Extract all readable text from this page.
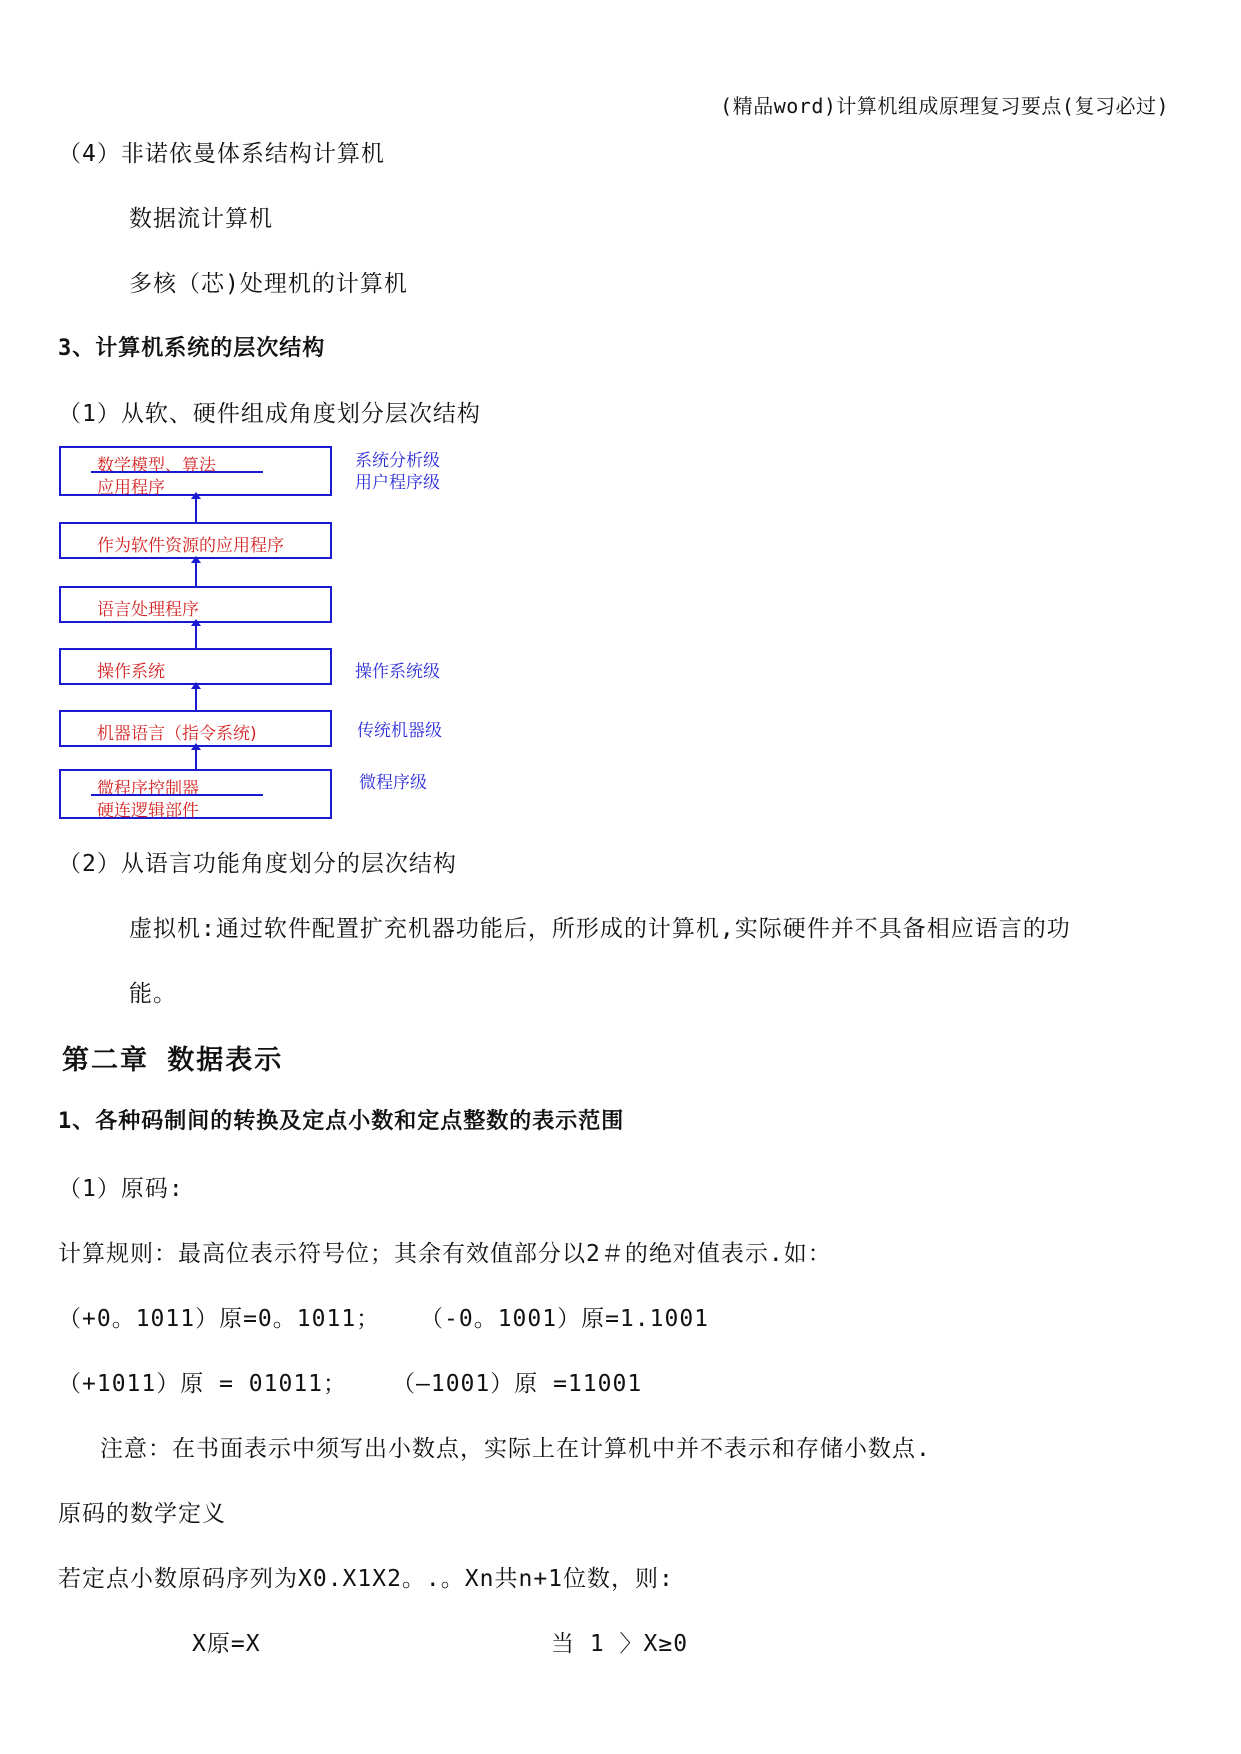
(精品word)计算机组成原理复习要点(复习必过)
（4）非诺依曼体系结构计算机
数据流计算机
多核（芯)处理机的计算机
3、计算机系统的层次结构
（1）从软、硬件组成角度划分层次结构
数学模型、算法
应用程序
系统分析级
用户程序级
作为软件资源的应用程序
语言处理程序
操作系统	操作系统级
机器语言（指令系统)	传统机器级
微程序控制器
硬连逻辑部件
微程序级
（2）从语言功能角度划分的层次结构
虚拟机:通过软件配置扩充机器功能后，所形成的计算机,实际硬件并不具备相应语言的功
能。
第二章 数据表示
1、各种码制间的转换及定点小数和定点整数的表示范围
（1）原码:
计算规则：最高位表示符号位；其余有效值部分以2＃的绝对值表示.如：
（+0。1011）原=0。1011； （-0。1001）原=1.1001
（+1011）原 = 01011； （—1001）原 =11001
注意：在书面表示中须写出小数点，实际上在计算机中并不表示和存储小数点.
原码的数学定义
若定点小数原码序列为X0.X1X2。.。Xn共n+1位数，则:
X原=X	当 1 〉X≥0
